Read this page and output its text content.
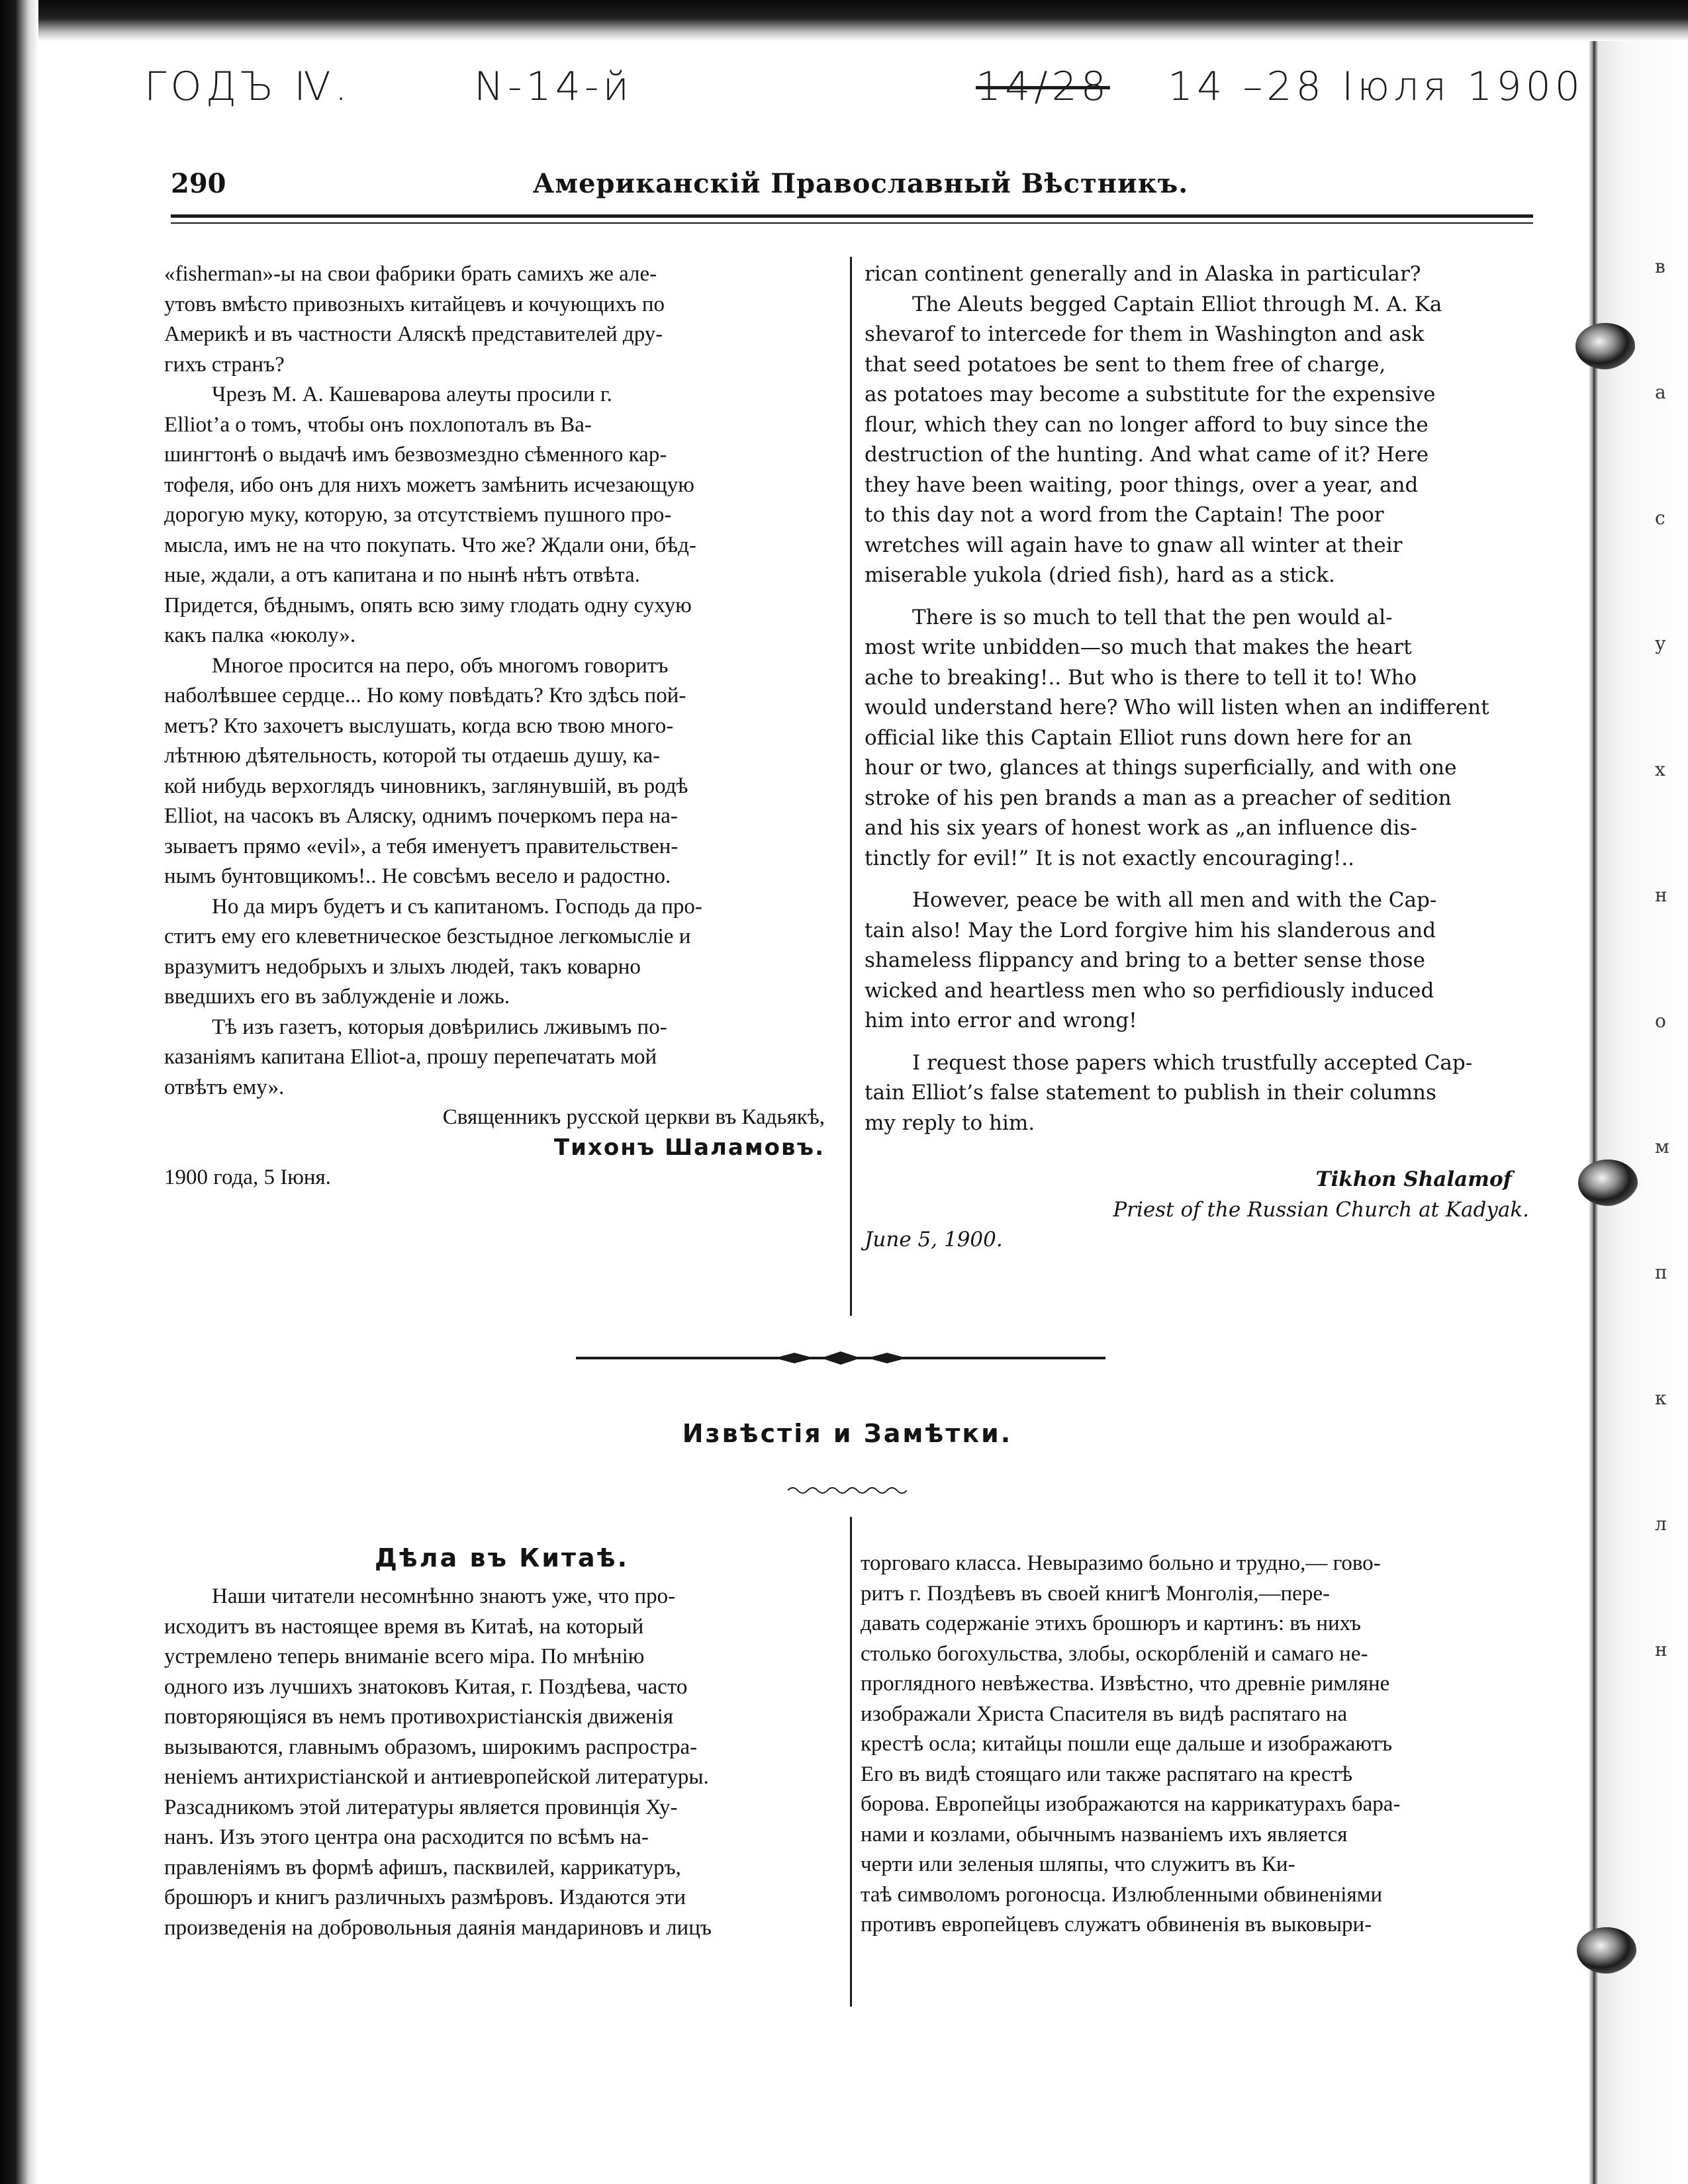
в
а
с
у
х
н
о
м
п
к
л
н
ГОДЪ Ⅳ.	N-14-й	14/28 14 –28 Іюля 1900
290	Американскій Православный Вѣстникъ.

«fisherman»-ы на свои фабрики брать самихъ же але-

утовъ вмѣсто привозныхъ китайцевъ и кочующихъ по

Америкѣ и въ частности Аляскѣ представителей дру-

гихъ странъ?

Чрезъ М. А. Кашеварова алеуты просили г.

Elliot’а о томъ, чтобы онъ похлопоталъ въ Ва-

шингтонѣ о выдачѣ имъ безвозмездно сѣменного кар-

тофеля, ибо онъ для нихъ можетъ замѣнить исчезающую

дорогую муку, которую, за отсутствіемъ пушного про-

мысла, имъ не на что покупать. Что же? Ждали они, бѣд-

ные, ждали, а отъ капитана и по нынѣ нѣтъ отвѣта.

Придется, бѣднымъ, опять всю зиму глодать одну сухую

какъ палка «юколу».

Многое просится на перо, объ многомъ говоритъ

наболѣвшее сердце... Но кому повѣдать? Кто здѣсь пой-

метъ? Кто захочетъ выслушать, когда всю твою много-

лѣтнюю дѣятельность, которой ты отдаешь душу, ка-

кой нибудь верхоглядъ чиновникъ, заглянувшій, въ родѣ

Elliot, на часокъ въ Аляску, однимъ почеркомъ пера на-

зываетъ прямо «evil», а тебя именуетъ правительствен-

нымъ бунтовщикомъ!.. Не совсѣмъ весело и радостно.

Но да миръ будетъ и съ капитаномъ. Господь да про-

ститъ ему его клеветническое безстыдное легкомысліе и

вразумитъ недобрыхъ и злыхъ людей, такъ коварно

введшихъ его въ заблужденіе и ложь.

Тѣ изъ газетъ, которыя довѣрились лживымъ по-

казаніямъ капитана Elliot-а, прошу перепечатать мой

отвѣтъ ему».

Священникъ русской церкви въ Кадьякѣ,

Тихонъ Шаламовъ.

1900 года, 5 Іюня.

rican continent generally and in Alaska in particular?

The Aleuts begged Captain Elliot through M. A. Ka

shevarof to intercede for them in Washington and ask

that seed potatoes be sent to them free of charge,

as potatoes may become a substitute for the expensive

flour, which they can no longer afford to buy since the

destruction of the hunting. And what came of it? Here

they have been waiting, poor things, over a year, and

to this day not a word from the Captain! The poor

wretches will again have to gnaw all winter at their

miserable yukola (dried fish), hard as a stick.

There is so much to tell that the pen would al-

most write unbidden—so much that makes the heart

ache to breaking!.. But who is there to tell it to! Who

would understand here? Who will listen when an indifferent

official like this Captain Elliot runs down here for an

hour or two, glances at things superficially, and with one

stroke of his pen brands a man as a preacher of sedition

and his six years of honest work as „an influence dis-

tinctly for evil!” It is not exactly encouraging!..

However, peace be with all men and with the Cap-

tain also! May the Lord forgive him his slanderous and

shameless flippancy and bring to a better sense those

wicked and heartless men who so perfidiously induced

him into error and wrong!

I request those papers which trustfully accepted Cap-

tain Elliot’s false statement to publish in their columns

my reply to him.

Tikhon Shalamof

Priest of the Russian Church at Kadyak.

June 5, 1900.

Извѣстія и Замѣтки.
Дѣла въ Китаѣ.

Наши читатели несомнѣнно знаютъ уже, что про-

исходитъ въ настоящее время въ Китаѣ, на который

устремлено теперь вниманіе всего міра. По мнѣнію

одного изъ лучшихъ знатоковъ Китая, г. Поздѣева, часто

повторяющіяся въ немъ противохристіанскія движенія

вызываются, главнымъ образомъ, широкимъ распростра-

неніемъ антихристіанской и антиевропейской литературы.

Разсадникомъ этой литературы является провинція Ху-

нанъ. Изъ этого центра она расходится по всѣмъ на-

правленіямъ въ формѣ афишъ, пасквилей, каррикатуръ,

брошюръ и книгъ различныхъ размѣровъ. Издаются эти

произведенія на добровольныя даянія мандариновъ и лицъ

торговаго класса. Невыразимо больно и трудно,— гово-

ритъ г. Поздѣевъ въ своей книгѣ Монголія,—пере-

давать содержаніе этихъ брошюръ и картинъ: въ нихъ

столько богохульства, злобы, оскорбленій и самаго не-

проглядного невѣжества. Извѣстно, что древніе римляне

изображали Христа Спасителя въ видѣ распятаго на

крестѣ осла; китайцы пошли еще дальше и изображаютъ

Его въ видѣ стоящаго или также распятаго на крестѣ

борова. Европейцы изображаются на каррикатурахъ бара-

нами и козлами, обычнымъ названіемъ ихъ является

черти или зеленыя шляпы, что служитъ въ Ки-

таѣ символомъ рогоносца. Излюбленными обвиненіями

противъ европейцевъ служатъ обвиненія въ выковыри-
